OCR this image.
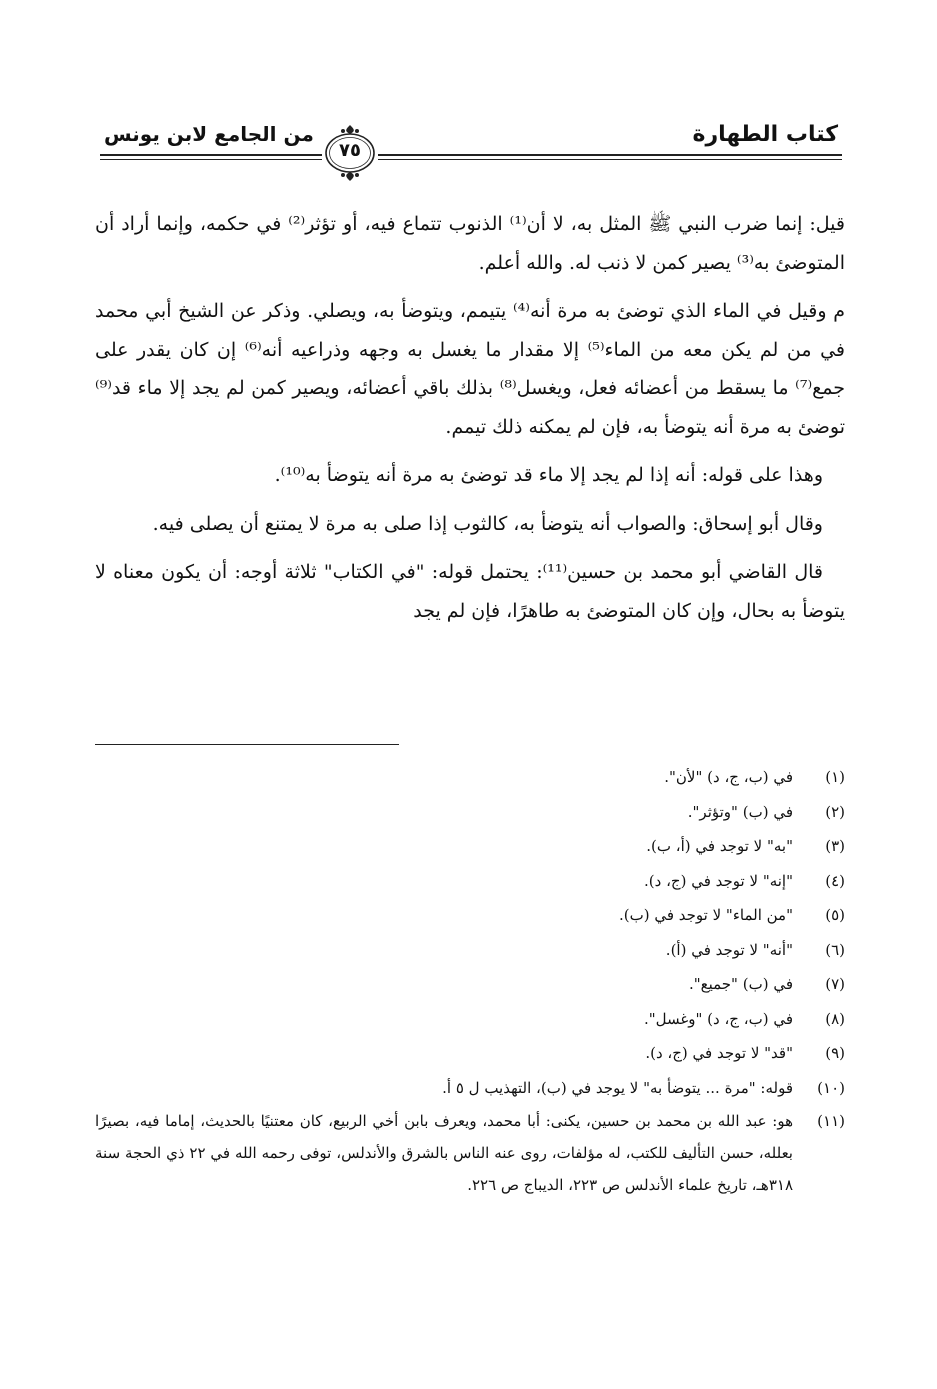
كتاب الطهارة
من الجامع لابن يونس
٧٥

قيل: إنما ضرب النبي ﷺ المثل به، لا أن⁽¹⁾ الذنوب تتماع فيه، أو تؤثر⁽²⁾ في حكمه، وإنما أراد أن المتوضئ به⁽³⁾ يصير كمن لا ذنب له. والله أعلم.

م وقيل في الماء الذي توضئ به مرة أنه⁽⁴⁾ يتيمم، ويتوضأ به، ويصلي. وذكر عن الشيخ أبي محمد في من لم يكن معه من الماء⁽⁵⁾ إلا مقدار ما يغسل به وجهه وذراعيه أنه⁽⁶⁾ إن كان يقدر على جمع⁽⁷⁾ ما يسقط من أعضائه فعل، ويغسل⁽⁸⁾ بذلك باقي أعضائه، ويصير كمن لم يجد إلا ماء قد⁽⁹⁾ توضئ به مرة أنه يتوضأ به، فإن لم يمكنه ذلك تيمم.

وهذا على قوله: أنه إذا لم يجد إلا ماء قد توضئ به مرة أنه يتوضأ به⁽¹⁰⁾.

وقال أبو إسحاق: والصواب أنه يتوضأ به، كالثوب إذا صلى به مرة لا يمتنع أن يصلى فيه.

قال القاضي أبو محمد بن حسين⁽¹¹⁾: يحتمل قوله: "في الكتاب" ثلاثة أوجه: أن يكون معناه لا يتوضأ به بحال، وإن كان المتوضئ به طاهرًا، فإن لم يجد

(١)
في (ب، ج، د) "لأن".

(٢)
في (ب) "وتؤثر".

(٣)
"به" لا توجد في (أ، ب).

(٤)
"إنه" لا توجد في (ج، د).

(٥)
"من الماء" لا توجد في (ب).

(٦)
"أنه" لا توجد في (أ).

(٧)
في (ب) "جميع".

(٨)
في (ب، ج، د) "وغسل".

(٩)
"قد" لا توجد في (ج، د).

(١٠)
قوله: "مرة ... يتوضأ به" لا يوجد في (ب)، التهذيب ل ٥ أ.

(١١)
هو: عبد الله بن محمد بن حسين، يكنى: أبا محمد، ويعرف بابن أخي الربيع، كان معتنيًا بالحديث، إماما فيه، بصيرًا بعلله، حسن التأليف للكتب، له مؤلفات، روى عنه الناس بالشرق والأندلس، توفى رحمه الله في ٢٢ ذي الحجة سنة ٣١٨هـ، تاريخ علماء الأندلس ص ٢٢٣، الديباج ص ٢٢٦.
